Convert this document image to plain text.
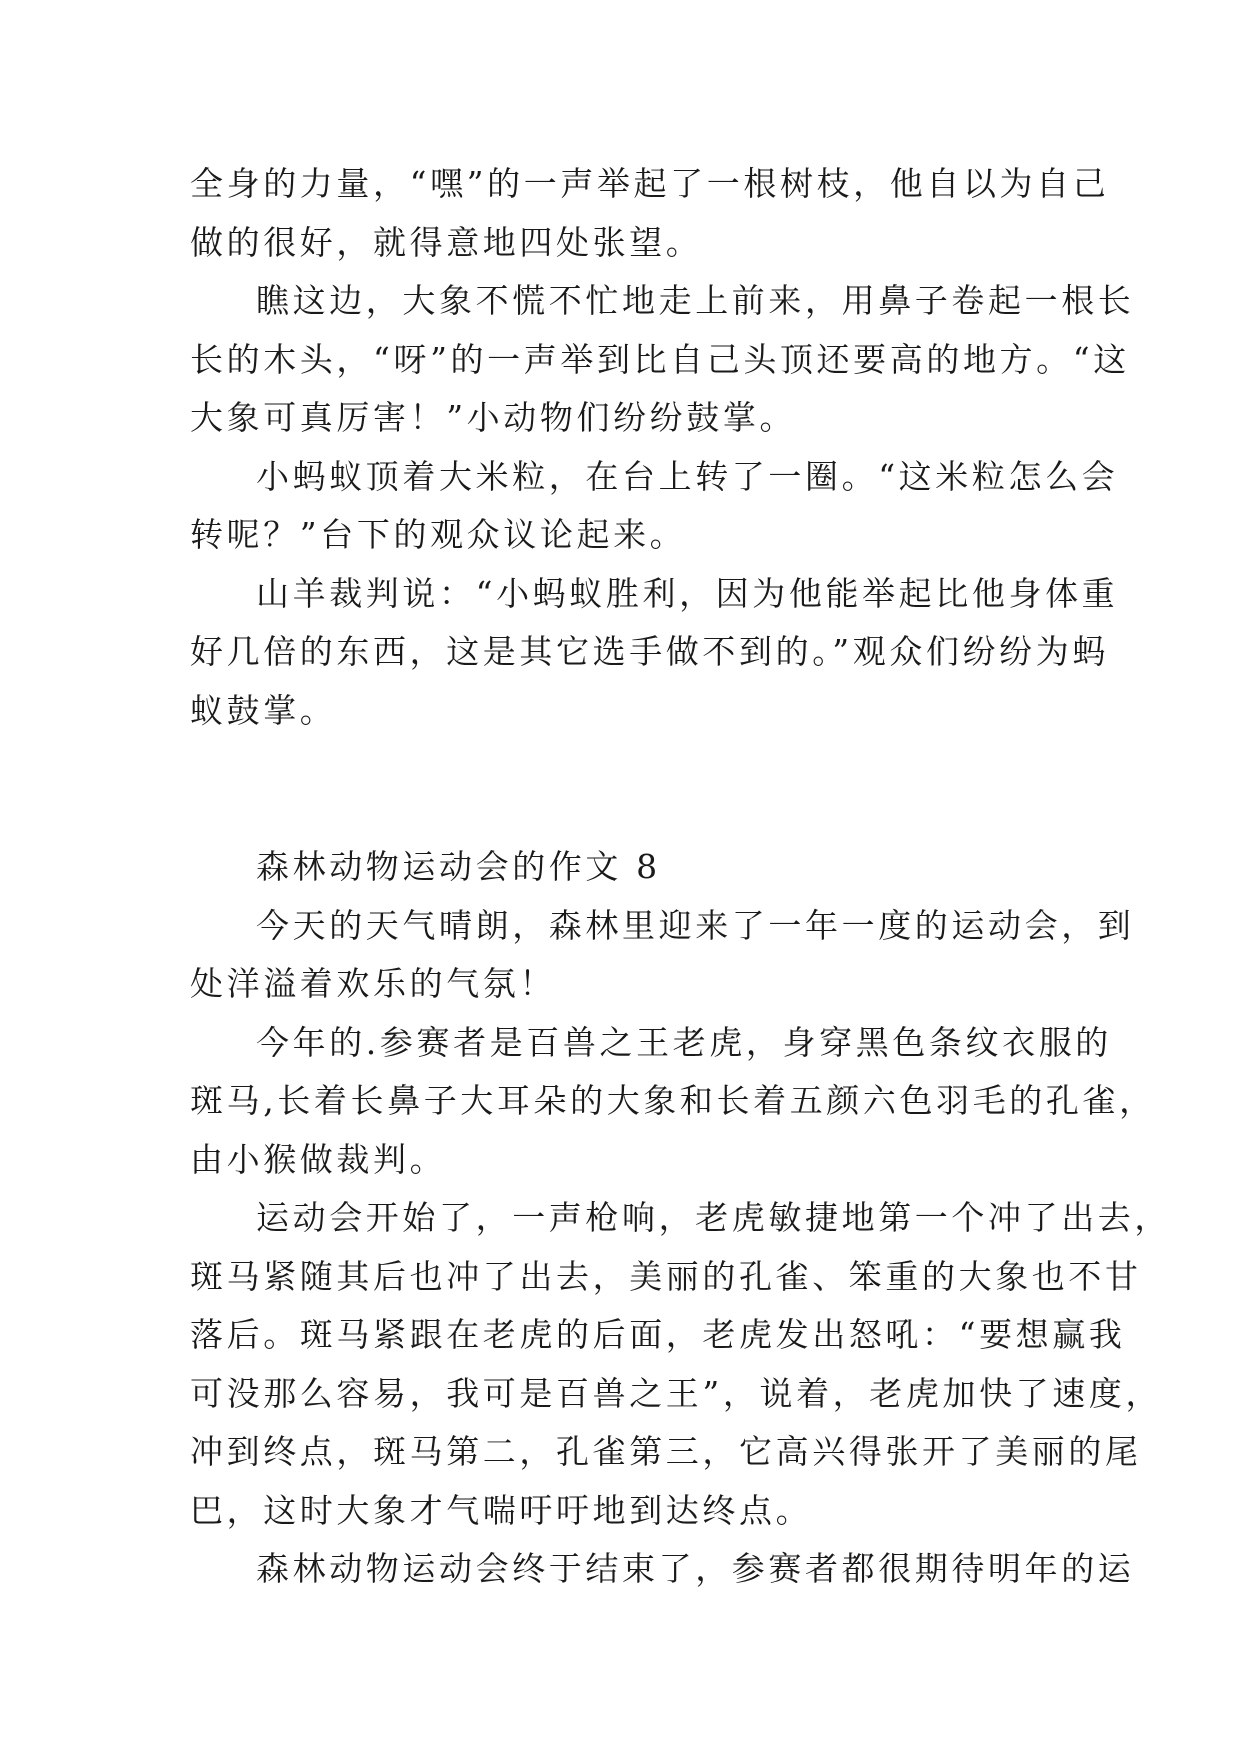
全身的力量，“嘿”的一声举起了一根树枝，他自以为自己
做的很好，就得意地四处张望。
瞧这边，大象不慌不忙地走上前来，用鼻子卷起一根长
长的木头，“呀”的一声举到比自己头顶还要高的地方。“这
大象可真厉害！”小动物们纷纷鼓掌。
小蚂蚁顶着大米粒，在台上转了一圈。“这米粒怎么会
转呢？”台下的观众议论起来。
山羊裁判说：“小蚂蚁胜利，因为他能举起比他身体重
好几倍的东西，这是其它选手做不到的。”观众们纷纷为蚂
蚁鼓掌。
森林动物运动会的作文 8
今天的天气晴朗，森林里迎来了一年一度的运动会，到
处洋溢着欢乐的气氛！
今年的.参赛者是百兽之王老虎，身穿黑色条纹衣服的
斑马,长着长鼻子大耳朵的大象和长着五颜六色羽毛的孔雀，
由小猴做裁判。
运动会开始了，一声枪响，老虎敏捷地第一个冲了出去，
斑马紧随其后也冲了出去，美丽的孔雀、笨重的大象也不甘
落后。斑马紧跟在老虎的后面，老虎发出怒吼：“要想赢我
可没那么容易，我可是百兽之王”，说着，老虎加快了速度，
冲到终点，斑马第二，孔雀第三，它高兴得张开了美丽的尾
巴，这时大象才气喘吁吁地到达终点。
森林动物运动会终于结束了，参赛者都很期待明年的运
